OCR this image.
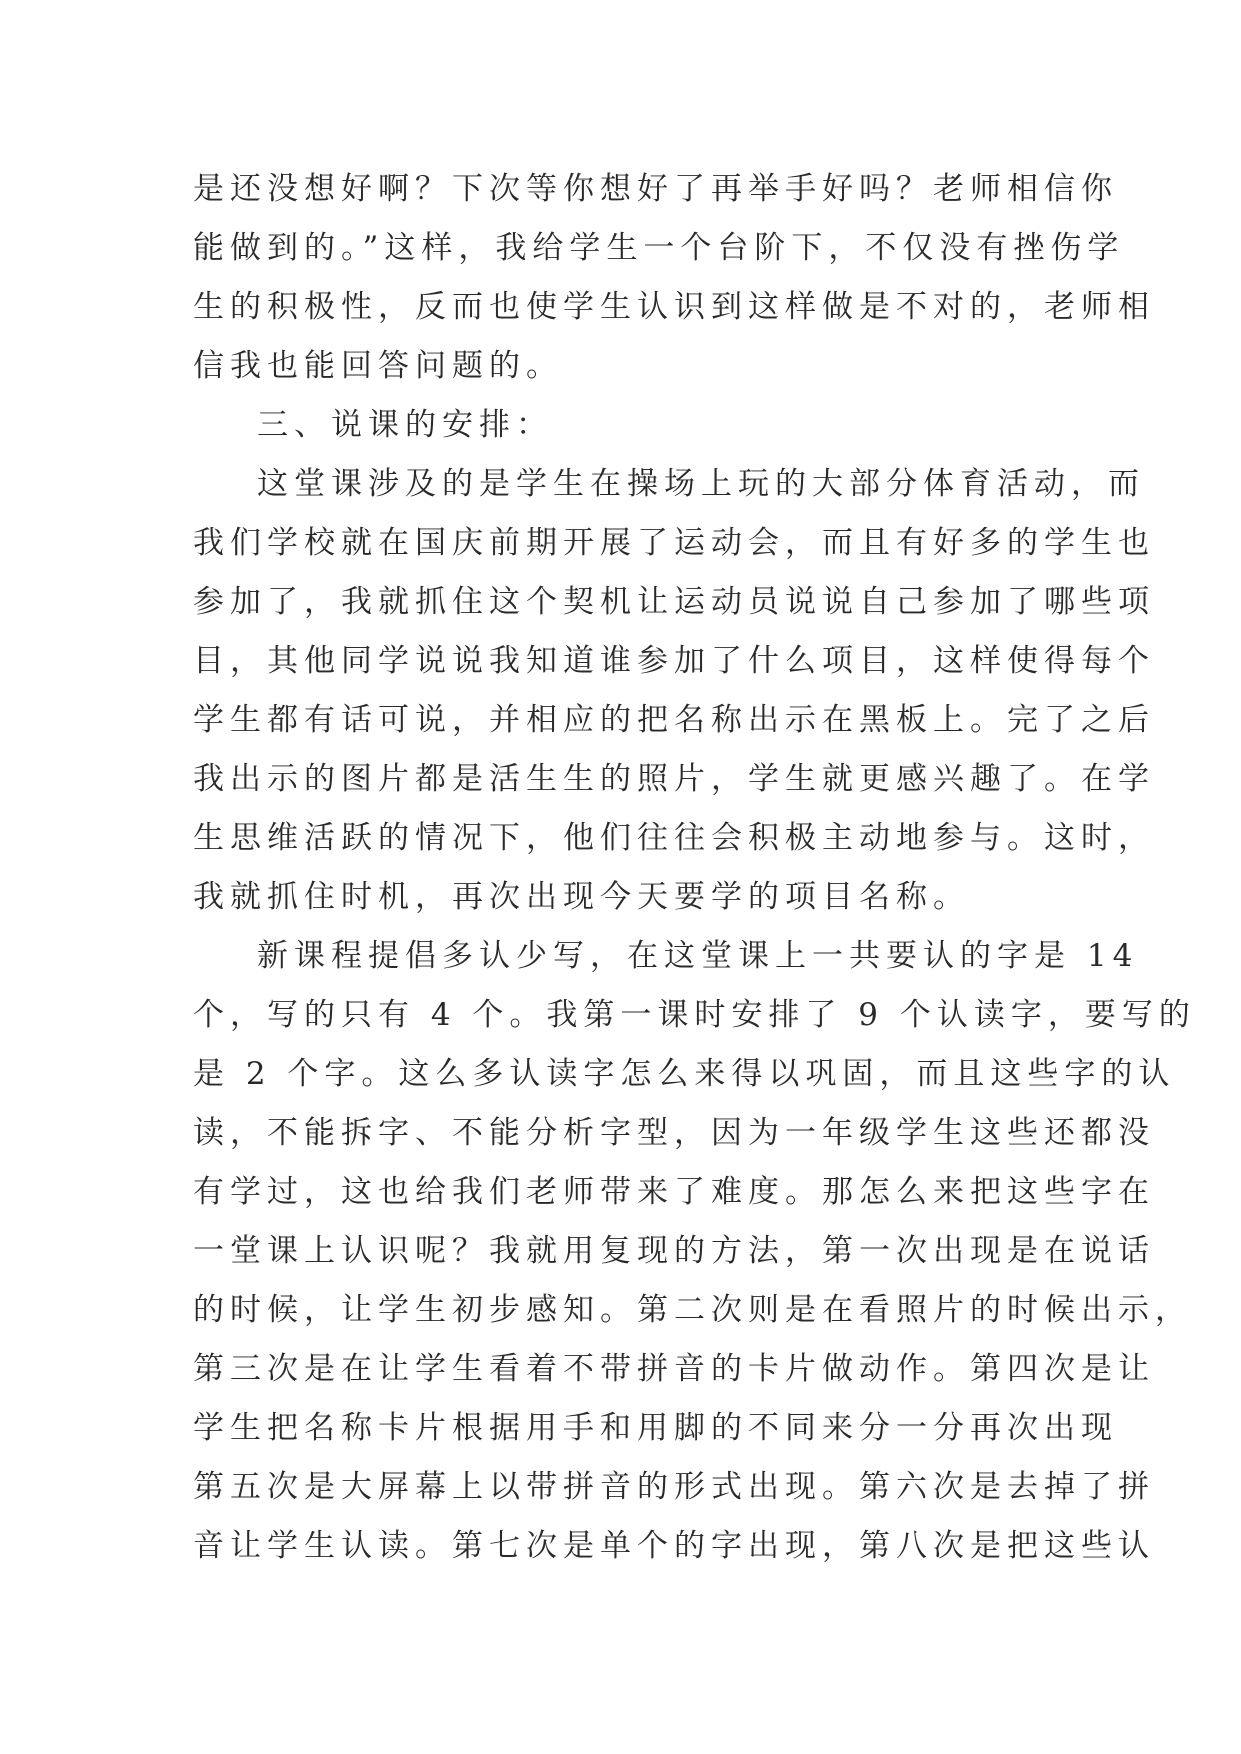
是还没想好啊？下次等你想好了再举手好吗？老师相信你
能做到的。”这样，我给学生一个台阶下，不仅没有挫伤学
生的积极性，反而也使学生认识到这样做是不对的，老师相
信我也能回答问题的。
三、说课的安排：
这堂课涉及的是学生在操场上玩的大部分体育活动，而
我们学校就在国庆前期开展了运动会，而且有好多的学生也
参加了，我就抓住这个契机让运动员说说自己参加了哪些项
目，其他同学说说我知道谁参加了什么项目，这样使得每个
学生都有话可说，并相应的把名称出示在黑板上。完了之后
我出示的图片都是活生生的照片，学生就更感兴趣了。在学
生思维活跃的情况下，他们往往会积极主动地参与。这时，
我就抓住时机，再次出现今天要学的项目名称。
新课程提倡多认少写，在这堂课上一共要认的字是 14
个，写的只有 4 个。我第一课时安排了 9 个认读字，要写的
是 2 个字。这么多认读字怎么来得以巩固，而且这些字的认
读，不能拆字、不能分析字型，因为一年级学生这些还都没
有学过，这也给我们老师带来了难度。那怎么来把这些字在
一堂课上认识呢？我就用复现的方法，第一次出现是在说话
的时候，让学生初步感知。第二次则是在看照片的时候出示，
第三次是在让学生看着不带拼音的卡片做动作。第四次是让
学生把名称卡片根据用手和用脚的不同来分一分再次出现
第五次是大屏幕上以带拼音的形式出现。第六次是去掉了拼
音让学生认读。第七次是单个的字出现，第八次是把这些认
